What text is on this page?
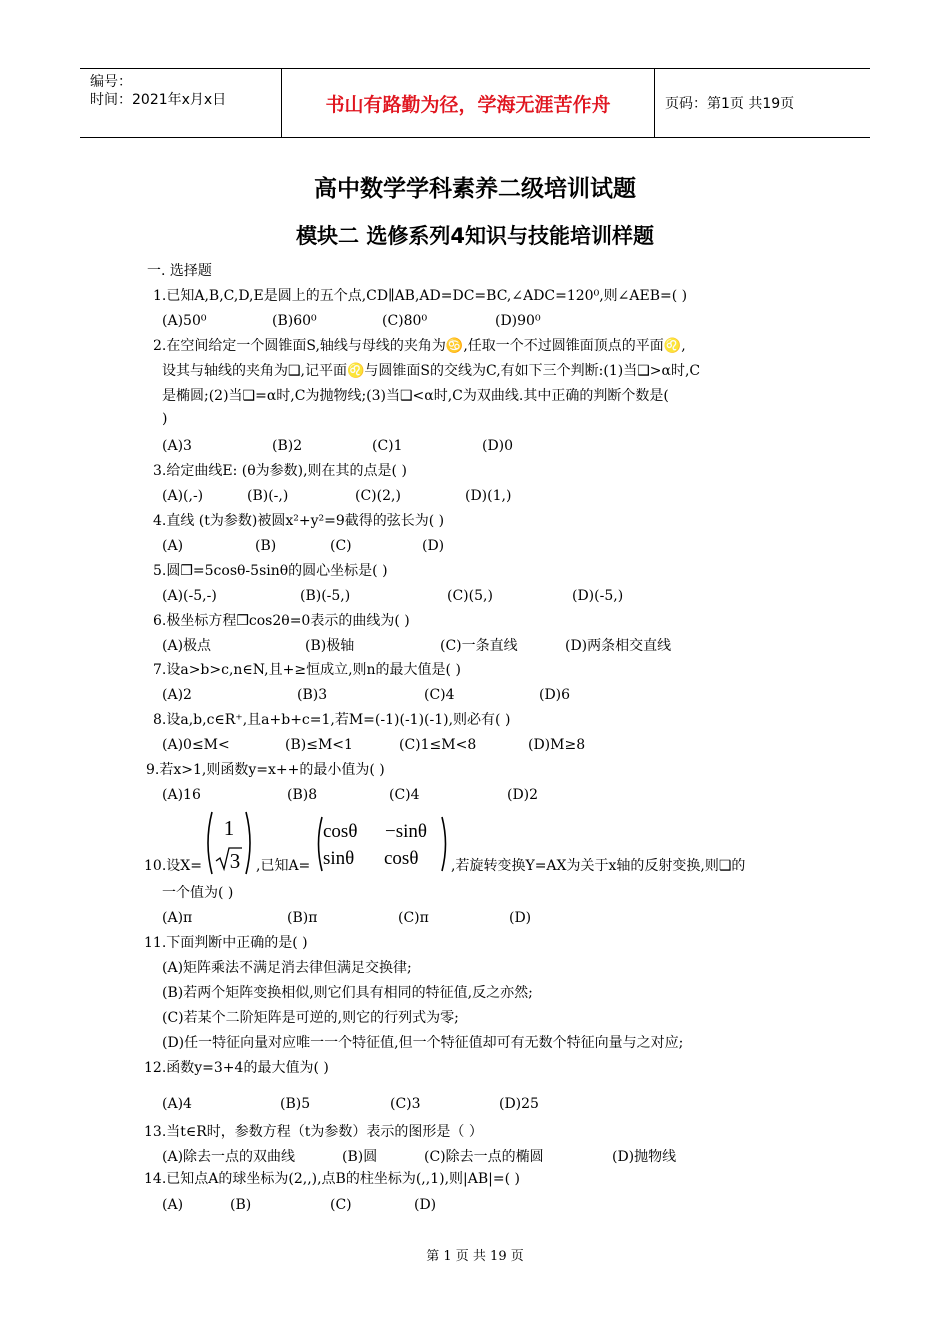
编号：
时间：2021年x月x日	书山有路勤为径，学海无涯苦作舟	页码：第1页 共19页
高中数学学科素养二级培训试题
模块二 选修系列4知识与技能培训样题
一. 选择题
1.已知A,B,C,D,E是圆上的五个点,CD∥AB,AD=DC=BC,∠ADC=120⁰,则∠AEB=( )
(A)50⁰	(B)60⁰	(C)80⁰	(D)90⁰
2.在空间给定一个圆锥面S,轴线与母线的夹角为♋,任取一个不过圆锥面顶点的平面♌,
设其与轴线的夹角为❑,记平面♌与圆锥面S的交线为C,有如下三个判断:(1)当❑>α时,C
是椭圆;(2)当❑=α时,C为抛物线;(3)当❑<α时,C为双曲线.其中正确的判断个数是(
)
(A)3	(B)2	(C)1	(D)0
3.给定曲线E: (θ为参数),则在其的点是( )
(A)(,-)	(B)(-,)	(C)(2,)	(D)(1,)
4.直线 (t为参数)被圆x²+y²=9截得的弦长为( )
(A)	(B)	(C)	(D)
5.圆❒=5cosθ-5sinθ的圆心坐标是( )
(A)(-5,-)	(B)(-5,)	(C)(5,)	(D)(-5,)
6.极坐标方程❒cos2θ=0表示的曲线为( )
(A)极点	(B)极轴	(C)一条直线	(D)两条相交直线
7.设a>b>c,n∈N,且+≥恒成立,则n的最大值是( )
(A)2	(B)3	(C)4	(D)6
8.设a,b,c∈R⁺,且a+b+c=1,若M=(-1)(-1)(-1),则必有( )
(A)0≤M<	(B)≤M<1	(C)1≤M<8	(D)M≥8
9.若x>1,则函数y=x++的最小值为( )
(A)16	(B)8	(C)4	(D)2
10.设X=
1
3 ,已知A=
cosθ −sinθ
sinθ cosθ ,若旋转变换Y=AX为关于x轴的反射变换,则❑的
一个值为( )
(A)π	(B)π	(C)π	(D)
11.下面判断中正确的是( )
(A)矩阵乘法不满足消去律但满足交换律;
(B)若两个矩阵变换相似,则它们具有相同的特征值,反之亦然;
(C)若某个二阶矩阵是可逆的,则它的行列式为零;
(D)任一特征向量对应唯一一个特征值,但一个特征值却可有无数个特征向量与之对应;
12.函数y=3+4的最大值为( )
(A)4	(B)5	(C)3	(D)25
13.当t∈R时，参数方程（t为参数）表示的图形是（ ）
(A)除去一点的双曲线	(B)圆	(C)除去一点的椭圆	(D)抛物线
14.已知点A的球坐标为(2,,),点B的柱坐标为(,,1),则|AB|=( )
(A)	(B)	(C)	(D)
第 1 页 共 19 页
